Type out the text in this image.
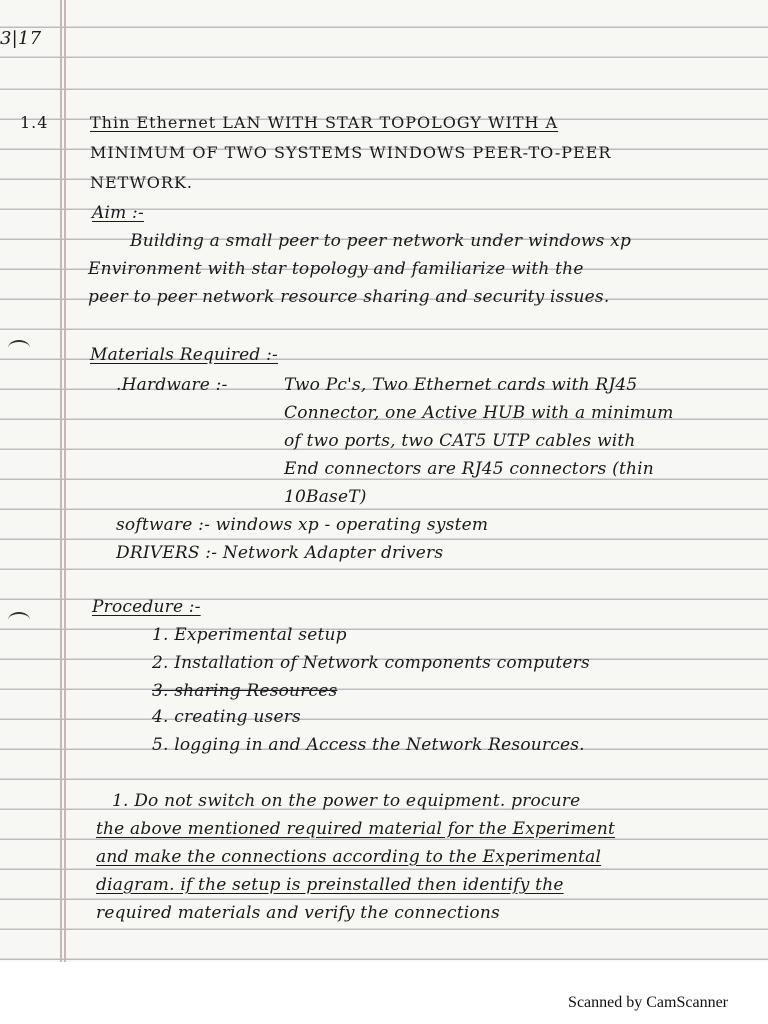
3|17
1.4	Thin Ethernet LAN WITH STAR TOPOLOGY WITH A
MINIMUM OF TWO SYSTEMS WINDOWS PEER-TO-PEER
NETWORK.
Aim :-
Building a small peer to peer network under windows xp
Environment with star topology and familiarize with the
peer to peer network resource sharing and security issues.
Materials Required :-
.Hardware :-	Two Pc's, Two Ethernet cards with RJ45
Connector, one Active HUB with a minimum
of two ports, two CAT5 UTP cables with
End connectors are RJ45 connectors (thin
10BaseT)
software :- windows xp - operating system
DRIVERS :- Network Adapter drivers
Procedure :-
1. Experimental setup
2. Installation of Network components computers
3. sharing Resources
4. creating users
5. logging in and Access the Network Resources.
1. Do not switch on the power to equipment. procure
the above mentioned required material for the Experiment
and make the connections according to the Experimental
diagram. if the setup is preinstalled then identify the
required materials and verify the connections
Scanned by CamScanner
